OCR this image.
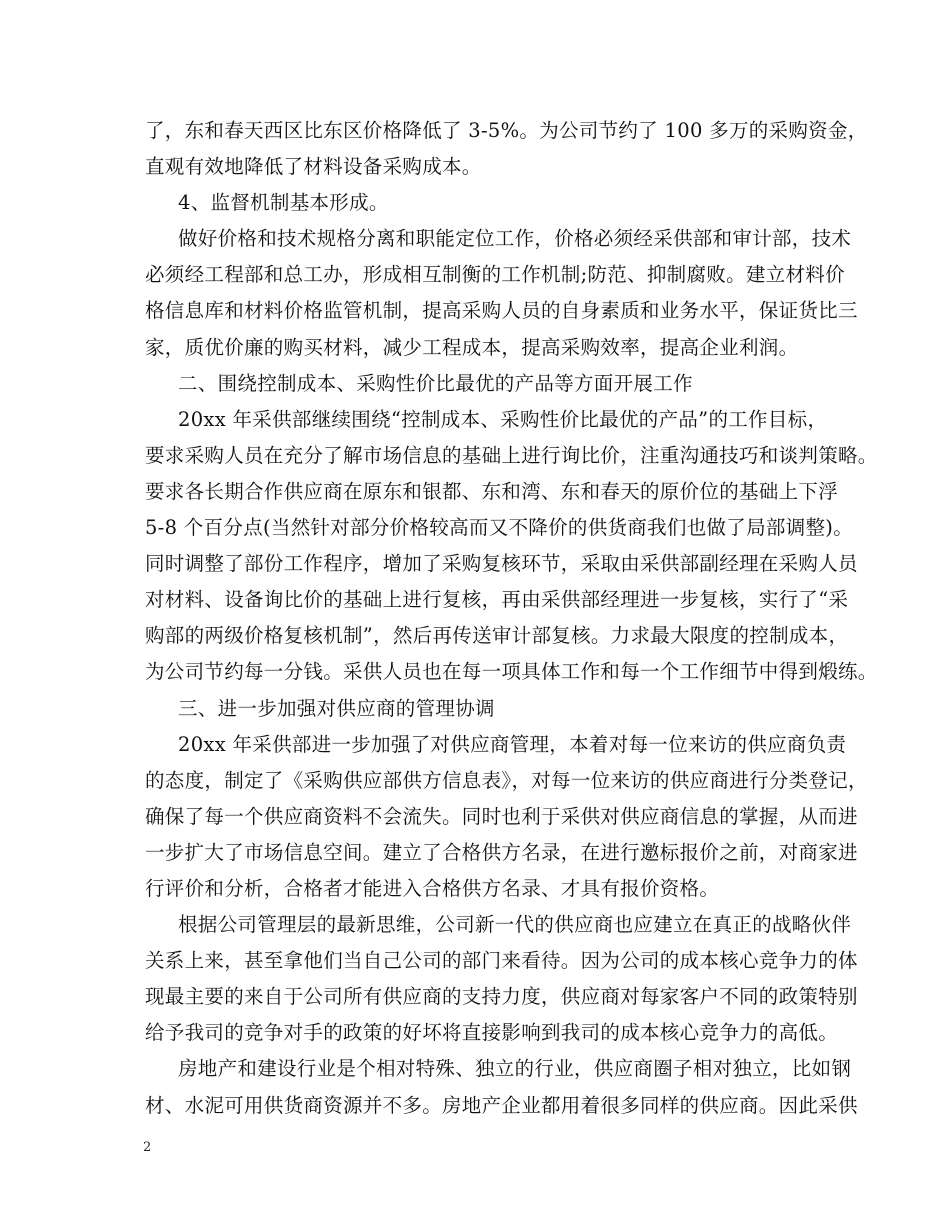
了，东和春天西区比东区价格降低了 3-5%。为公司节约了 100 多万的采购资金，
直观有效地降低了材料设备采购成本。
4、监督机制基本形成。
做好价格和技术规格分离和职能定位工作，价格必须经采供部和审计部，技术
必须经工程部和总工办，形成相互制衡的工作机制;防范、抑制腐败。建立材料价
格信息库和材料价格监管机制，提高采购人员的自身素质和业务水平，保证货比三
家，质优价廉的购买材料，减少工程成本，提高采购效率，提高企业利润。
二、围绕控制成本、采购性价比最优的产品等方面开展工作
20xx 年采供部继续围绕“控制成本、采购性价比最优的产品”的工作目标，
要求采购人员在充分了解市场信息的基础上进行询比价，注重沟通技巧和谈判策略。
要求各长期合作供应商在原东和银都、东和湾、东和春天的原价位的基础上下浮
5-8 个百分点(当然针对部分价格较高而又不降价的供货商我们也做了局部调整)。
同时调整了部份工作程序，增加了采购复核环节，采取由采供部副经理在采购人员
对材料、设备询比价的基础上进行复核，再由采供部经理进一步复核，实行了“采
购部的两级价格复核机制”，然后再传送审计部复核。力求最大限度的控制成本，
为公司节约每一分钱。采供人员也在每一项具体工作和每一个工作细节中得到煅练。
三、进一步加强对供应商的管理协调
20xx 年采供部进一步加强了对供应商管理，本着对每一位来访的供应商负责
的态度，制定了《采购供应部供方信息表》，对每一位来访的供应商进行分类登记，
确保了每一个供应商资料不会流失。同时也利于采供对供应商信息的掌握，从而进
一步扩大了市场信息空间。建立了合格供方名录，在进行邀标报价之前，对商家进
行评价和分析，合格者才能进入合格供方名录、才具有报价资格。
根据公司管理层的最新思维，公司新一代的供应商也应建立在真正的战略伙伴
关系上来，甚至拿他们当自己公司的部门来看待。因为公司的成本核心竞争力的体
现最主要的来自于公司所有供应商的支持力度，供应商对每家客户不同的政策特别
给予我司的竞争对手的政策的好坏将直接影响到我司的成本核心竞争力的高低。
房地产和建设行业是个相对特殊、独立的行业，供应商圈子相对独立，比如钢
材、水泥可用供货商资源并不多。房地产企业都用着很多同样的供应商。因此采供
2
